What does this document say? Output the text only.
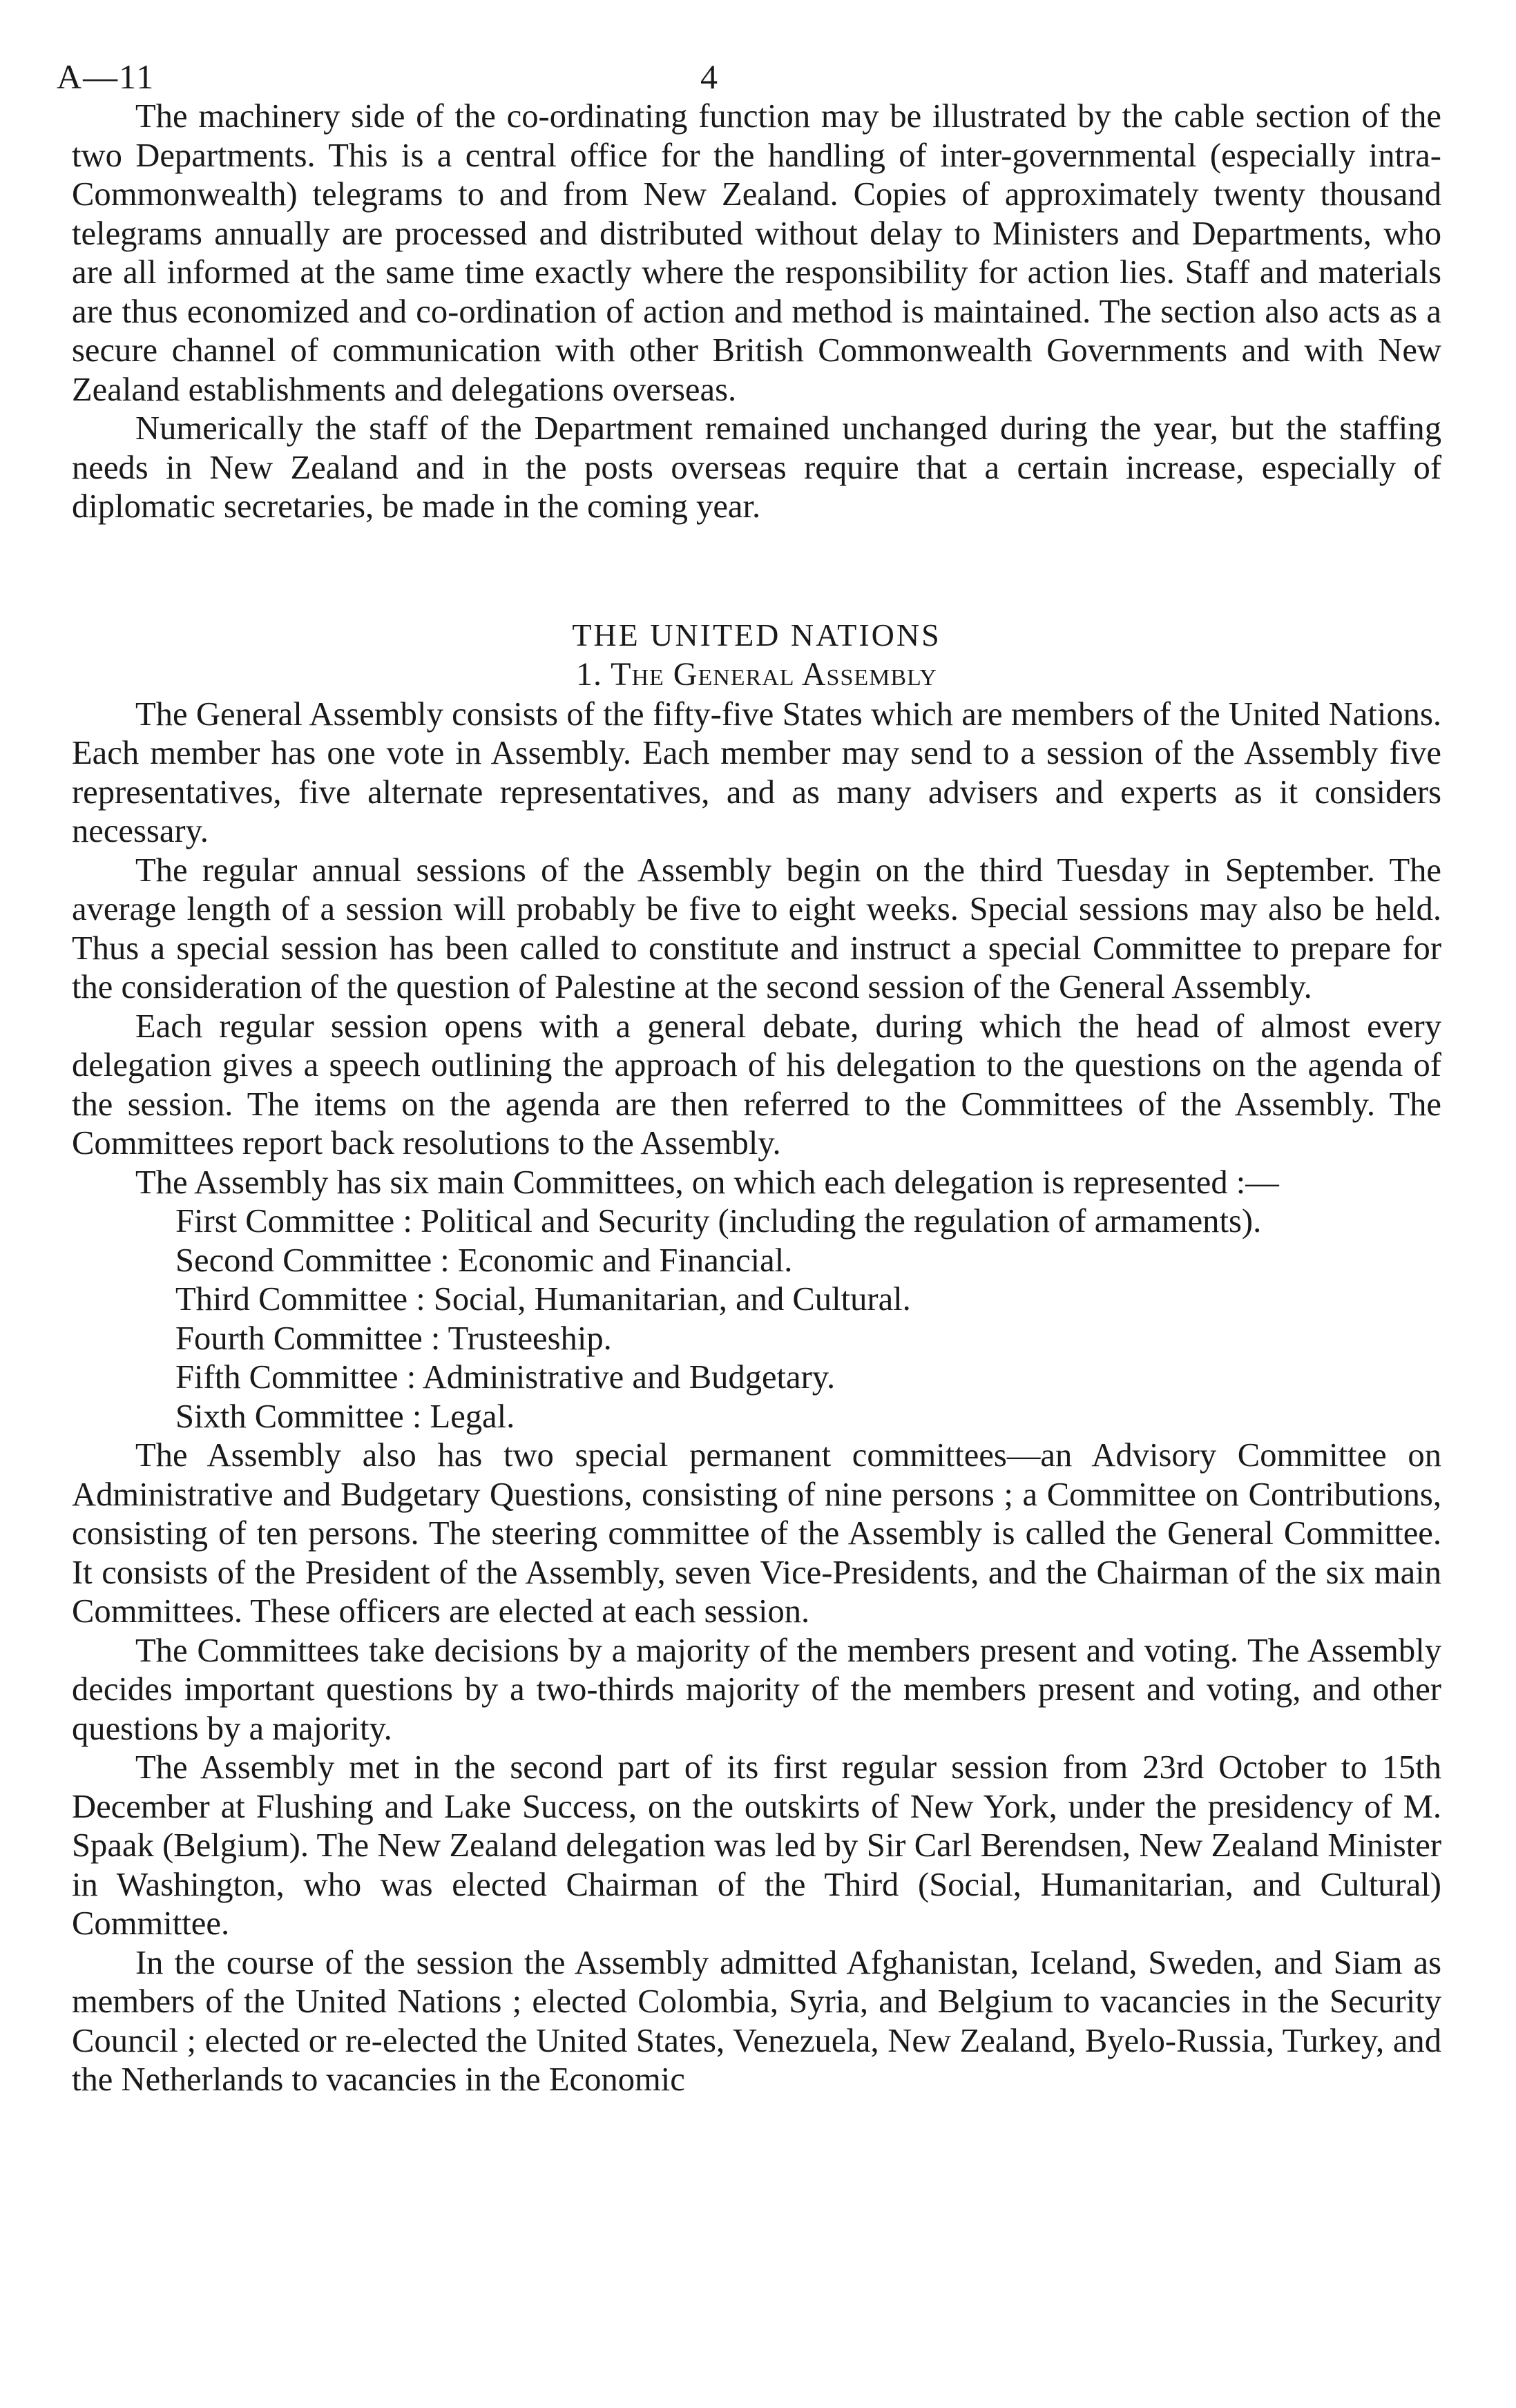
A—11	4

The machinery side of the co-ordinating function may be illustrated by the cable section of the two Departments. This is a central office for the handling of inter-governmental (especially intra-Commonwealth) telegrams to and from New Zealand. Copies of approximately twenty thousand telegrams annually are processed and distributed without delay to Ministers and Departments, who are all informed at the same time exactly where the responsibility for action lies. Staff and materials are thus economized and co-ordination of action and method is maintained. The section also acts as a secure channel of communication with other British Commonwealth Governments and with New Zealand establishments and delegations overseas.

Numerically the staff of the Department remained unchanged during the year, but the staffing needs in New Zealand and in the posts overseas require that a certain increase, especially of diplomatic secretaries, be made in the coming year.

THE UNITED NATIONS
1. The General Assembly

The General Assembly consists of the fifty-five States which are members of the United Nations. Each member has one vote in Assembly. Each member may send to a session of the Assembly five representatives, five alternate representatives, and as many advisers and experts as it considers necessary.

The regular annual sessions of the Assembly begin on the third Tuesday in September. The average length of a session will probably be five to eight weeks. Special sessions may also be held. Thus a special session has been called to constitute and instruct a special Committee to prepare for the consideration of the question of Palestine at the second session of the General Assembly.

Each regular session opens with a general debate, during which the head of almost every delegation gives a speech outlining the approach of his delegation to the questions on the agenda of the session. The items on the agenda are then referred to the Committees of the Assembly. The Committees report back resolutions to the Assembly.

The Assembly has six main Committees, on which each delegation is represented :—

First Committee : Political and Security (including the regulation of armaments).
Second Committee : Economic and Financial.
Third Committee : Social, Humanitarian, and Cultural.
Fourth Committee : Trusteeship.
Fifth Committee : Administrative and Budgetary.
Sixth Committee : Legal.

The Assembly also has two special permanent committees—an Advisory Committee on Administrative and Budgetary Questions, consisting of nine persons ; a Committee on Contributions, consisting of ten persons. The steering committee of the Assembly is called the General Committee. It consists of the President of the Assembly, seven Vice-Presidents, and the Chairman of the six main Committees. These officers are elected at each session.

The Committees take decisions by a majority of the members present and voting. The Assembly decides important questions by a two-thirds majority of the members present and voting, and other questions by a majority.

The Assembly met in the second part of its first regular session from 23rd October to 15th December at Flushing and Lake Success, on the outskirts of New York, under the presidency of M. Spaak (Belgium). The New Zealand delegation was led by Sir Carl Berendsen, New Zealand Minister in Washington, who was elected Chairman of the Third (Social, Humanitarian, and Cultural) Committee.

In the course of the session the Assembly admitted Afghanistan, Iceland, Sweden, and Siam as members of the United Nations ; elected Colombia, Syria, and Belgium to vacancies in the Security Council ; elected or re-elected the United States, Venezuela, New Zealand, Byelo-Russia, Turkey, and the Netherlands to vacancies in the Economic
